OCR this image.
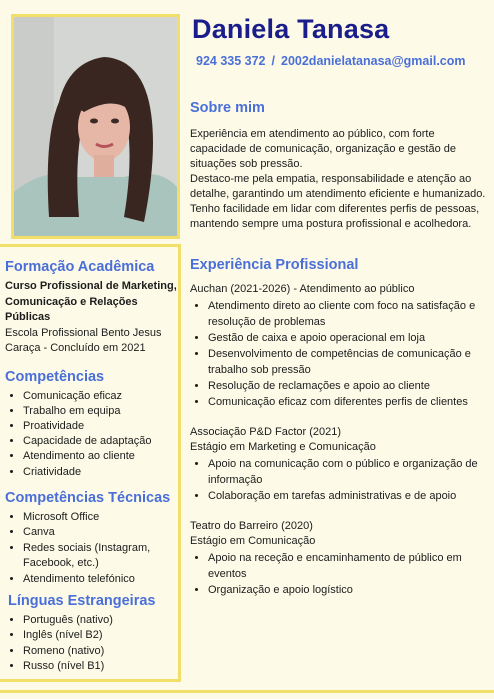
Daniela Tanasa
924 335 372 / 2002danielatanasa@gmail.com
Sobre mim

Experiência em atendimento ao público, com forte capacidade de comunicação, organização e gestão de situações sob pressão.

Destaco-me pela empatia, responsabilidade e atenção ao detalhe, garantindo um atendimento eficiente e humanizado. Tenho facilidade em lidar com diferentes perfis de pessoas, mantendo sempre uma postura profissional e acolhedora.

Formação Acadêmica
Curso Profissional de Marketing, Comunicação e Relações Públicas
Escola Profissional Bento Jesus Caraça - Concluído em 2021
Competências
• Comunicação eficaz
• Trabalho em equipa
• Proatividade
• Capacidade de adaptação
• Atendimento ao cliente
• Criatividade
Competências Técnicas
• Microsoft Office
• Canva
• Redes sociais (Instagram, Facebook, etc.)
• Atendimento telefónico
Línguas Estrangeiras
• Português (nativo)
• Inglês (nível B2)
• Romeno (nativo)
• Russo (nível B1)
Experiência Profissional
Auchan (2021-2026) - Atendimento ao público
• Atendimento direto ao cliente com foco na satisfação e resolução de problemas
• Gestão de caixa e apoio operacional em loja
• Desenvolvimento de competências de comunicação e trabalho sob pressão
• Resolução de reclamações e apoio ao cliente
• Comunicação eficaz com diferentes perfis de clientes
Associação P&D Factor (2021)
Estágio em Marketing e Comunicação
• Apoio na comunicação com o público e organização de informação
• Colaboração em tarefas administrativas e de apoio
Teatro do Barreiro (2020)
Estágio em Comunicação
• Apoio na receção e encaminhamento de público em eventos
• Organização e apoio logístico
